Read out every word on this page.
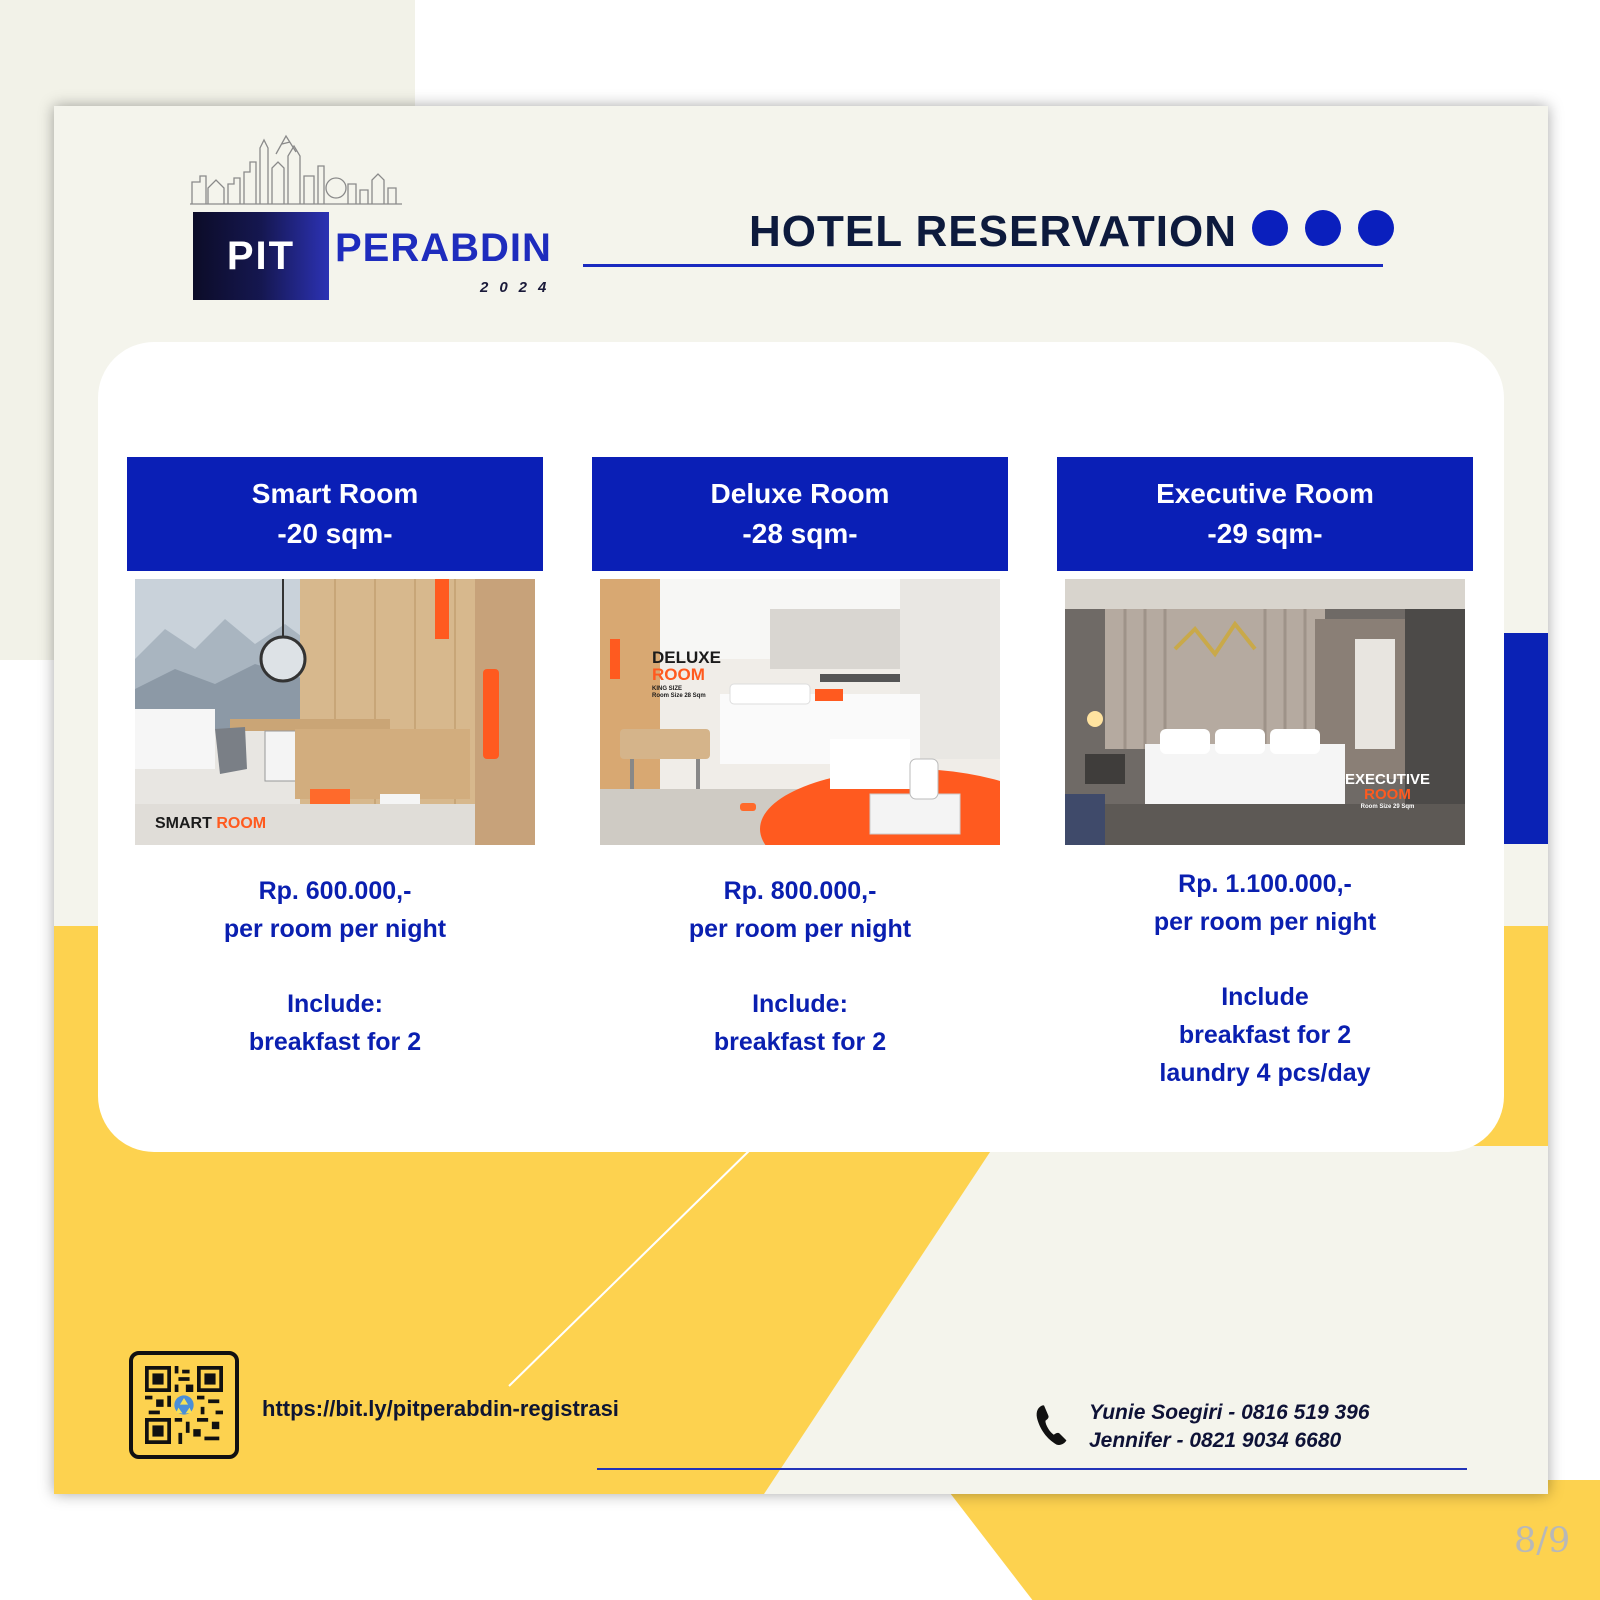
PIT PERABDIN
2024
HOTEL RESERVATION
Smart Room
-20 sqm-
SMART ROOM
Rp. 600.000,-
per room per night
Include:
breakfast for 2
Deluxe Room
-28 sqm-
DELUXE
ROOM
KING SIZE
Room Size 28 Sqm
Rp. 800.000,-
per room per night
Include:
breakfast for 2
Executive Room
-29 sqm-
EXECUTIVE
ROOM
Room Size 29 Sqm
Rp. 1.100.000,-
per room per night
Include
breakfast for 2
laundry 4 pcs/day
https://bit.ly/pitperabdin-registrasi	Yunie Soegiri - 0816 519 396
Jennifer - 0821 9034 6680
8/9
